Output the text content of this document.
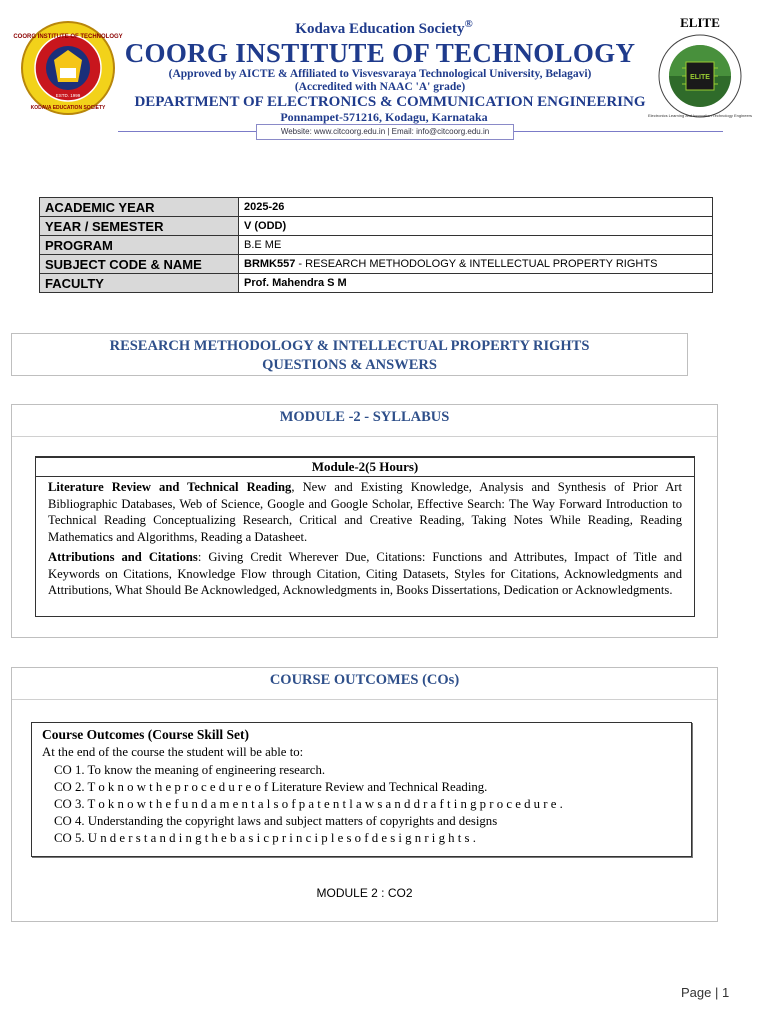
COORG INSTITUTE OF TECHNOLOGY
KODAVA EDUCATION SOCIETY
ESTD. 1999
Kodava Education Society®
COORG INSTITUTE OF TECHNOLOGY
(Approved by AICTE & Affiliated to Visvesvaraya Technological University, Belagavi)
(Accredited with NAAC 'A' grade)
DEPARTMENT OF ELECTRONICS & COMMUNICATION ENGINEERING
Ponnampet-571216, Kodagu, Karnataka
Website: www.citcoorg.edu.in | Email: info@citcoorg.edu.in
ELITE
ELITE
Electronics Learning and Innovation Technology Engineers
ACADEMIC YEAR	2025-26
YEAR / SEMESTER	V (ODD)
PROGRAM	B.E ME
SUBJECT CODE & NAME	BRMK557 - RESEARCH METHODOLOGY & INTELLECTUAL PROPERTY RIGHTS
FACULTY	Prof. Mahendra S M
RESEARCH METHODOLOGY & INTELLECTUAL PROPERTY RIGHTS
QUESTIONS & ANSWERS
MODULE -2 - SYLLABUS
Module-2(5 Hours)
Literature Review and Technical Reading, New and Existing Knowledge, Analysis and Synthesis of Prior Art Bibliographic Databases, Web of Science, Google and Google Scholar, Effective Search: The Way Forward Introduction to Technical Reading Conceptualizing Research, Critical and Creative Reading, Taking Notes While Reading, Reading Mathematics and Algorithms, Reading a Datasheet.
Attributions and Citations: Giving Credit Wherever Due, Citations: Functions and Attributes, Impact of Title and Keywords on Citations, Knowledge Flow through Citation, Citing Datasets, Styles for Citations, Acknowledgments and Attributions, What Should Be Acknowledged, Acknowledgments in, Books Dissertations, Dedication or Acknowledgments.
COURSE OUTCOMES (COs)
Course Outcomes (Course Skill Set)
At the end of the course the student will be able to:
CO 1. To know the meaning of engineering research.
CO 2. T o k n o w t h e p r o c e d u r e o f Literature Review and Technical Reading.
CO 3. T o k n o w t h e f u n d a m e n t a l s o f p a t e n t l a w s a n d d r a f t i n g p r o c e d u r e .
CO 4. Understanding the copyright laws and subject matters of copyrights and designs
CO 5. U n d e r s t a n d i n g t h e b a s i c p r i n c i p l e s o f d e s i g n r i g h t s .
MODULE 2 : CO2
Page | 1
